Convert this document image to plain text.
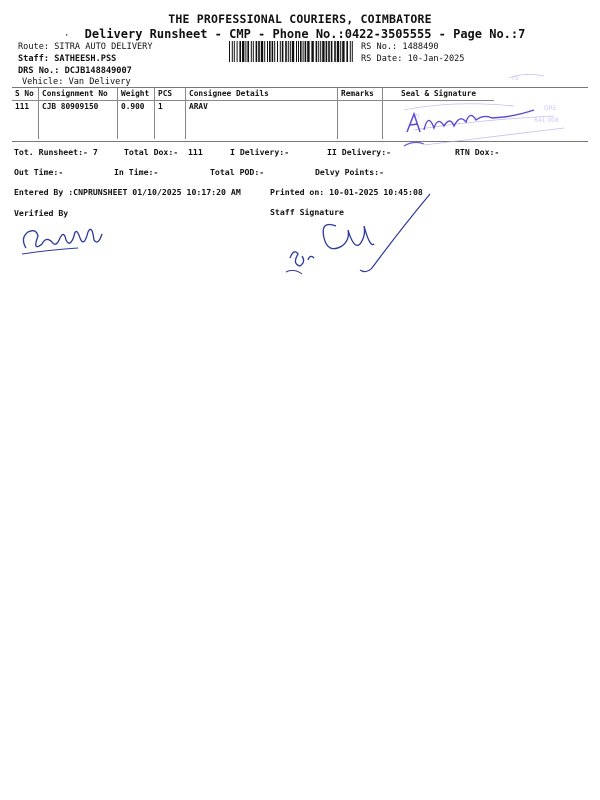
·
THE PROFESSIONAL COURIERS, COIMBATORE
Delivery Runsheet - CMP - Phone No.:0422-3505555 - Page No.:7
Route: SITRA AUTO DELIVERY
Staff: SATHEESH.PSS
DRS No.: DCJB148849007
Vehicle: Van Delivery
RS No.: 1488490
RS Date: 10-Jan-2025
S No	Consignment No	Weight	PCS	Consignee Details	Remarks	Seal & Signature
111	CJB 80909150	0.900	1	ARAV		
rS
Pr
ORE
641 008
Tot. Runsheet:- 7	Total Dox:- 111	I Delivery:-	II Delivery:-	RTN Dox:-
Out Time:-	In Time:-	Total POD:-	Delvy Points:-
Entered By :CNPRUNSHEET 01/10/2025 10:17:20 AM	Printed on: 10-01-2025 10:45:08
Verified By	Staff Signature
